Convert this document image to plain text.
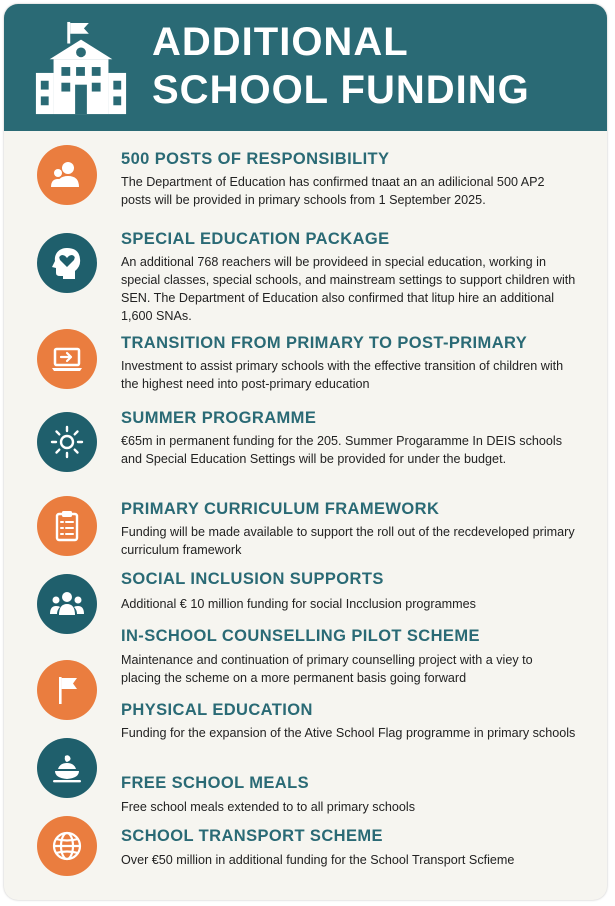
ADDITIONAL
SCHOOL FUNDING

500 POSTS OF RESPONSIBILITY

The Department of Education has confirmed tnaat an an adilicional 500 AP2 posts will be provided in primary schools from 1 September 2025.

SPECIAL EDUCATION PACKAGE

An additional 768 reachers will be provideed in special education, working in special classes, special schools, and mainstream settings to support children with SEN. The Department of Education also confirmed that litup hire an additional 1,600 SNAs.

TRANSITION FROM PRIMARY TO POST-PRIMARY

Investment to assist primary schools with the effective transition of children with the highest need into post-primary education

SUMMER PROGRAMME

€65m in permanent funding for the 205. Summer Progaramme In DEIS schools and Special Education Settings will be provided for under the budget.

PRIMARY CURRICULUM FRAMEWORK

Funding will be made available to support the roll out of the recdeveloped primary curriculum framework

SOCIAL INCLUSION SUPPORTS

Additional € 10 million funding for social Incclusion programmes

IN-SCHOOL COUNSELLING PILOT SCHEME

Maintenance and continuation of primary counselling project with a viey to placing the scheme on a more permanent basis going forward

PHYSICAL EDUCATION

Funding for the expansion of the Ative School Flag programme in primary schools

FREE SCHOOL MEALS

Free school meals extended to to all primary schools

SCHOOL TRANSPORT SCHEME

Over €50 million in additional funding for the School Transport Scfieme
